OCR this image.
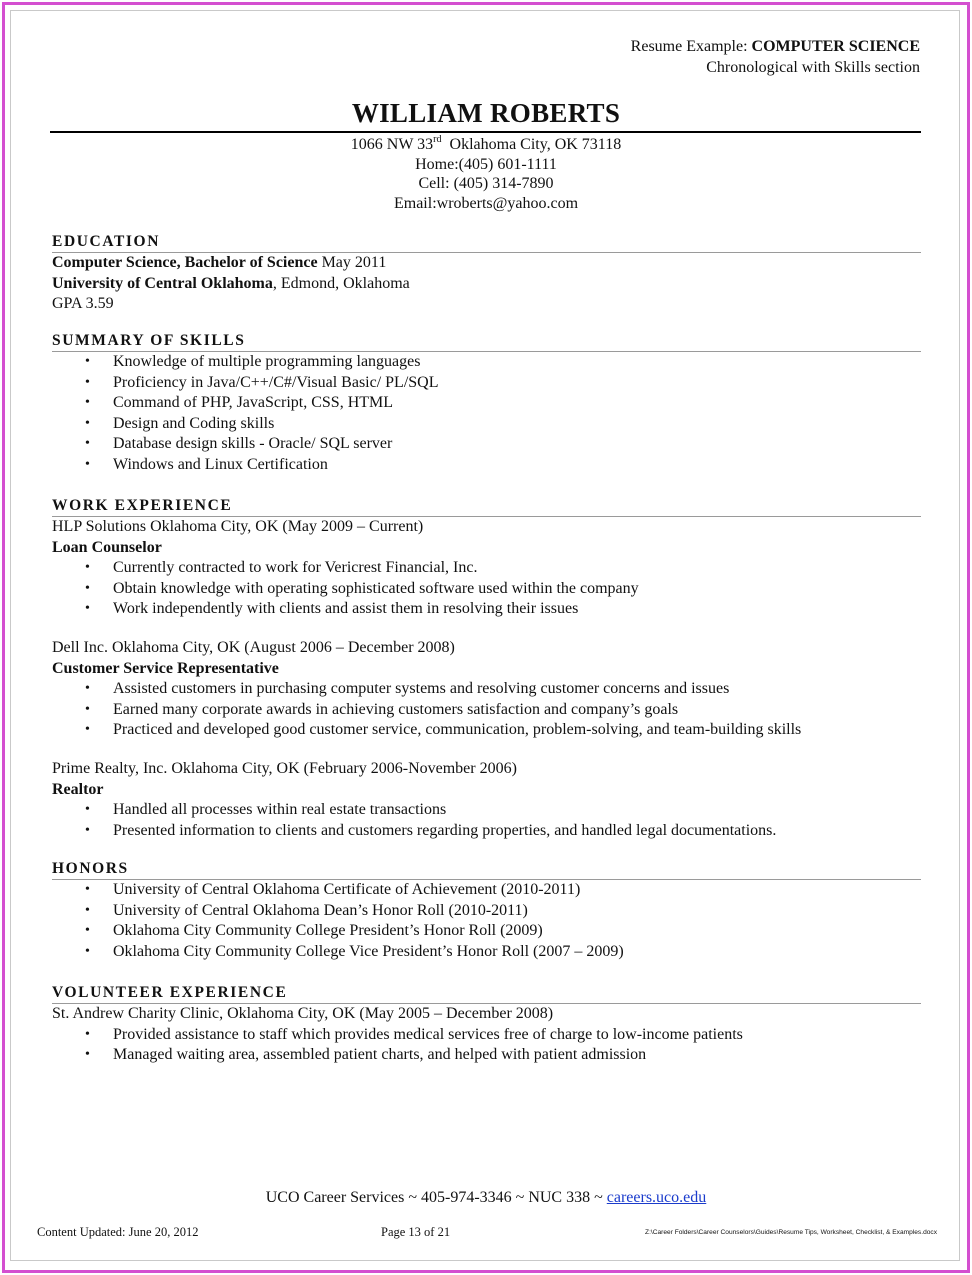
Resume Example: COMPUTER SCIENCE
Chronological with Skills section
WILLIAM ROBERTS
1066 NW 33rd  Oklahoma City, OK 73118
Home:(405) 601-1111
Cell: (405) 314-7890
Email:wroberts@yahoo.com
EDUCATION
Computer Science, Bachelor of Science May 2011
University of Central Oklahoma, Edmond, Oklahoma
GPA 3.59
SUMMARY OF SKILLS
• Knowledge of multiple programming languages
• Proficiency in Java/C++/C#/Visual Basic/ PL/SQL
• Command of PHP, JavaScript, CSS, HTML
• Design and Coding skills
• Database design skills - Oracle/ SQL server
• Windows and Linux Certification
WORK EXPERIENCE
HLP Solutions Oklahoma City, OK (May 2009 – Current)
Loan Counselor
• Currently contracted to work for Vericrest Financial, Inc.
• Obtain knowledge with operating sophisticated software used within the company
• Work independently with clients and assist them in resolving their issues
Dell Inc. Oklahoma City, OK (August 2006 – December 2008)
Customer Service Representative
• Assisted customers in purchasing computer systems and resolving customer concerns and issues
• Earned many corporate awards in achieving customers satisfaction and company’s goals
• Practiced and developed good customer service, communication, problem-solving, and team-building skills
Prime Realty, Inc. Oklahoma City, OK (February 2006-November 2006)
Realtor
• Handled all processes within real estate transactions
• Presented information to clients and customers regarding properties, and handled legal documentations.
HONORS
• University of Central Oklahoma Certificate of Achievement (2010-2011)
• University of Central Oklahoma Dean’s Honor Roll (2010-2011)
• Oklahoma City Community College President’s Honor Roll (2009)
• Oklahoma City Community College Vice President’s Honor Roll (2007 – 2009)
VOLUNTEER EXPERIENCE
St. Andrew Charity Clinic, Oklahoma City, OK (May 2005 – December 2008)
• Provided assistance to staff which provides medical services free of charge to low-income patients
• Managed waiting area, assembled patient charts, and helped with patient admission
UCO Career Services ~ 405-974-3346 ~ NUC 338 ~ careers.uco.edu
Content Updated: June 20, 2012	Page 13 of 21	Z:\Career Folders\Career Counselors\Guides\Resume Tips, Worksheet, Checklist, & Examples.docx
